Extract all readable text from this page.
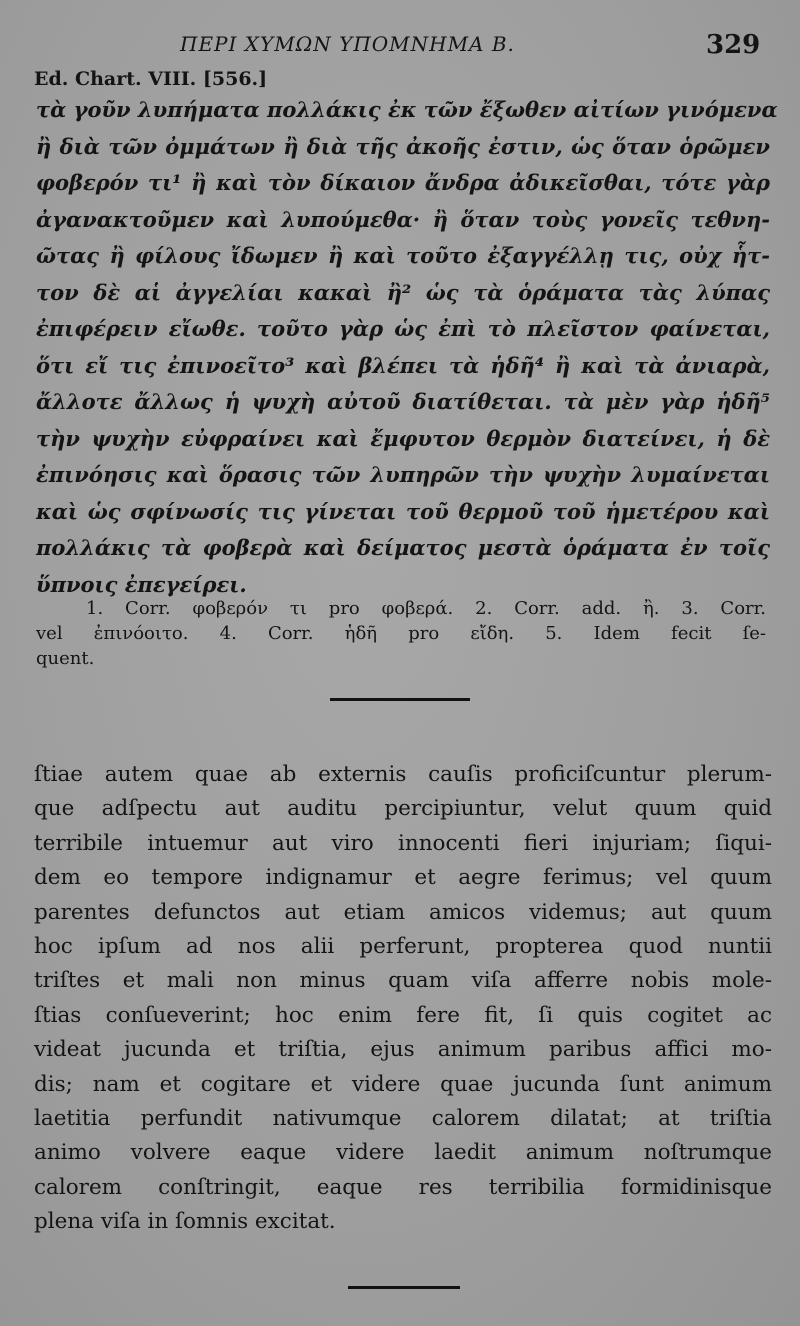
ΠΕΡΙ ΧΥΜΩΝ ΥΠΟΜΝΗΜΑ Β.	329
Ed. Chart. VIII. [556.]
τὰ γοῦν λυπήματα πολλάκις ἐκ τῶν ἔξωθεν αἰτίων γινόμενα
ἢ διὰ τῶν ὀμμάτων ἢ διὰ τῆς ἀκοῆς ἐστιν, ὡς ὅταν ὁρῶμεν
φοβερόν τι¹ ἢ καὶ τὸν δίκαιον ἄνδρα ἀδικεῖσθαι, τότε γὰρ
ἀγανακτοῦμεν καὶ λυπούμεθα· ἢ ὅταν τοὺς γονεῖς τεθνη-
ῶτας ἢ φίλους ἴδωμεν ἢ καὶ τοῦτο ἐξαγγέλλῃ τις, οὐχ ἧτ-
τον δὲ αἱ ἀγγελίαι κακαὶ ἢ² ὡς τὰ ὁράματα τὰς λύπας
ἐπιφέρειν εἴωθε. τοῦτο γὰρ ὡς ἐπὶ τὸ πλεῖστον φαίνεται,
ὅτι εἴ τις ἐπινοεῖτο³ καὶ βλέπει τὰ ἡδῆ⁴ ἢ καὶ τὰ ἀνιαρὰ,
ἄλλοτε ἄλλως ἡ ψυχὴ αὐτοῦ διατίθεται. τὰ μὲν γὰρ ἡδῆ⁵
τὴν ψυχὴν εὐφραίνει καὶ ἔμφυτον θερμὸν διατείνει, ἡ δὲ
ἐπινόησις καὶ ὅρασις τῶν λυπηρῶν τὴν ψυχὴν λυμαίνεται
καὶ ὡς σφίνωσίς τις γίνεται τοῦ θερμοῦ τοῦ ἡμετέρου καὶ
πολλάκις τὰ φοβερὰ καὶ δείματος μεστὰ ὁράματα ἐν τοῖς
ὕπνοις ἐπεγείρει.
1. Corr. φοβερόν τι pro φοβερά. 2. Corr. add. ἢ. 3. Corr.
vel ἐπινόοιτο. 4. Corr. ἡδῆ pro εἴδη. 5. Idem fecit ſe-
quent.
ſtiae autem quae ab externis cauſis proficiſcuntur plerum-
que adſpectu aut auditu percipiuntur, velut quum quid
terribile intuemur aut viro innocenti fieri injuriam; ſiqui-
dem eo tempore indignamur et aegre ferimus; vel quum
parentes defunctos aut etiam amicos videmus; aut quum
hoc ipſum ad nos alii perferunt, propterea quod nuntii
triſtes et mali non minus quam viſa afferre nobis mole-
ſtias conſueverint; hoc enim fere fit, ſi quis cogitet ac
videat jucunda et triſtia, ejus animum paribus affici mo-
dis; nam et cogitare et videre quae jucunda ſunt animum
laetitia perfundit nativumque calorem dilatat; at triſtia
animo volvere eaque videre laedit animum noſtrumque
calorem conſtringit, eaque res terribilia formidinisque
plena viſa in ſomnis excitat.
